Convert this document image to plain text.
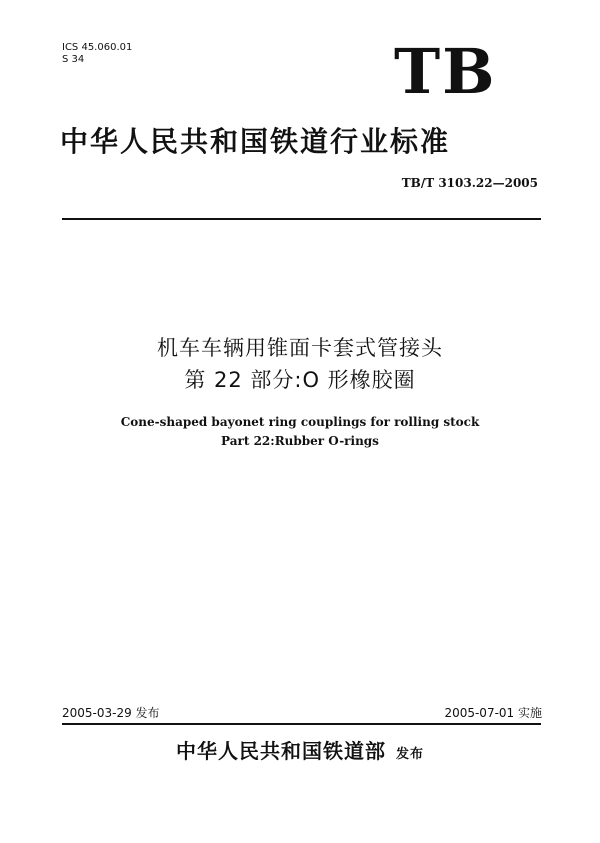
ICS 45.060.01
S 34	TB
中华人民共和国铁道行业标准
TB/T 3103.22—2005
机车车辆用锥面卡套式管接头
第 22 部分:O 形橡胶圈
Cone-shaped bayonet ring couplings for rolling stock
Part 22:Rubber O-rings
2005-03-29 发布	2005-07-01 实施
中华人民共和国铁道部 发布
